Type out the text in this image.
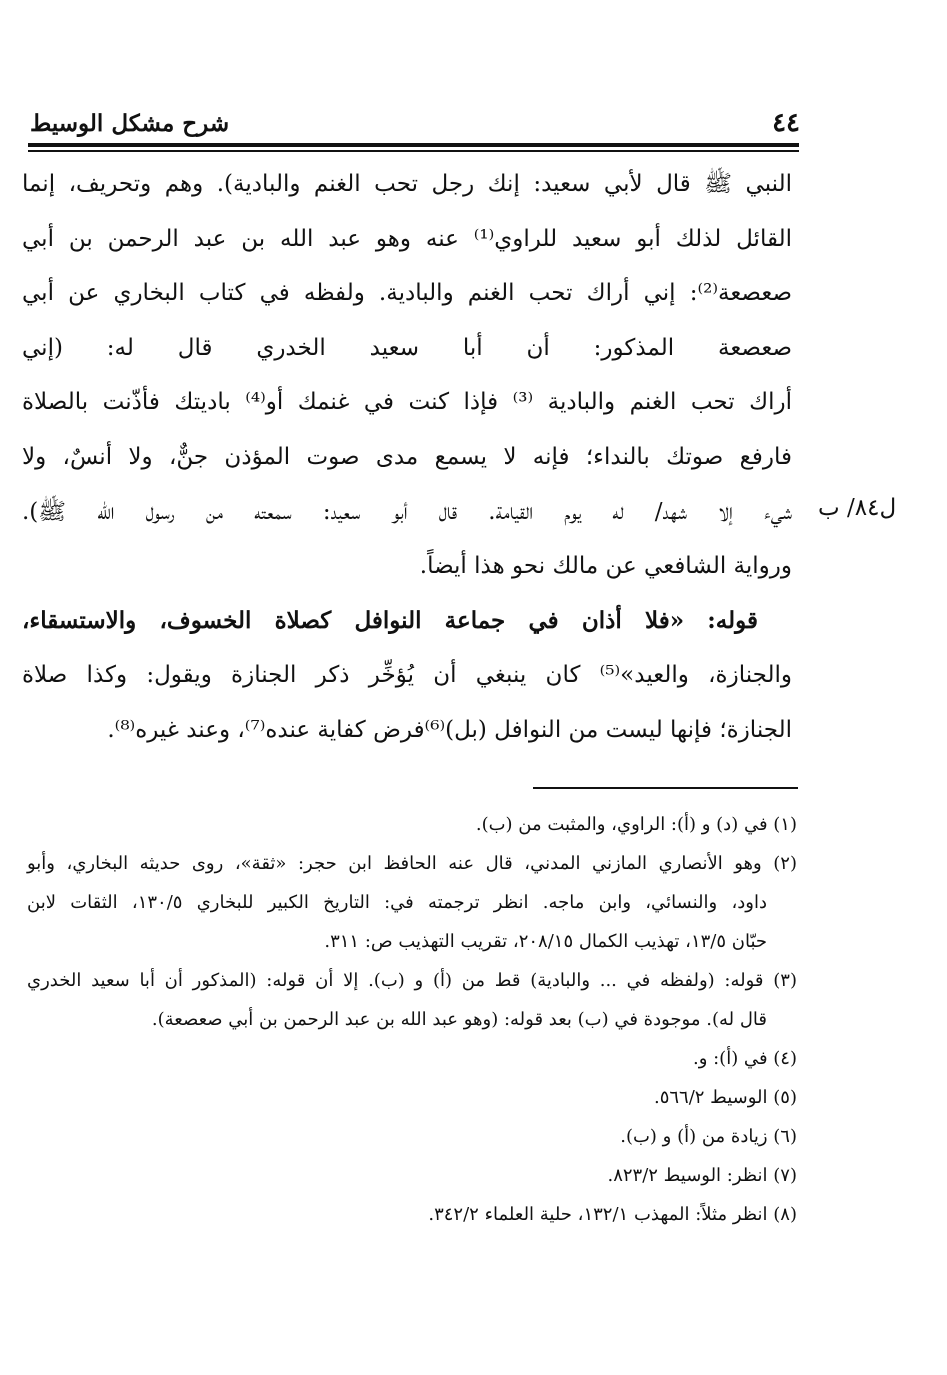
٤٤
شرح مشكل الوسيط
النبي ﷺ قال لأبي سعيد: إنك رجل تحب الغنم والبادية). وهم وتحريف، إنما
القائل لذلك أبو سعيد للراوي⁽¹⁾ عنه وهو عبد الله بن عبد الرحمن بن أبي
صعصعة⁽²⁾: إني أراك تحب الغنم والبادية. ولفظه في كتاب البخاري عن أبي
صعصعة المذكور: أن أبا سعيد الخدري قال له: (إني
أراك تحب الغنم والبادية ⁽³⁾ فإذا كنت في غنمك أو⁽⁴⁾ باديتك فأذّنت بالصلاة
فارفع صوتك بالنداء؛ فإنه لا يسمع مدى صوت المؤذن جنٌّ، ولا أنسٌ، ولا
شيء إلا شهد/ له يوم القيامة. قال أبو سعيد: سمعته من رسول الله ﷺ).
ورواية الشافعي عن مالك نحو هذا أيضاً.
قوله: «فلا أذان في جماعة النوافل كصلاة الخسوف، والاستسقاء،
والجنازة، والعيد»⁽⁵⁾ كان ينبغي أن يُؤخِّر ذكر الجنازة ويقول: وكذا صلاة
الجنازة؛ فإنها ليست من النوافل (بل)⁽⁶⁾فرض كفاية عنده⁽⁷⁾، وعند غيره⁽⁸⁾.
ل٨٤/ ب
(١) في (د) و (أ): الراوي، والمثبت من (ب).
(٢) وهو الأنصاري المازني المدني، قال عنه الحافظ ابن حجر: «ثقة»، روى حديثه البخاري، وأبو
داود، والنسائي، وابن ماجه. انظر ترجمته في: التاريخ الكبير للبخاري ١٣٠/٥، الثقات لابن
حبّان ١٣/٥، تهذيب الكمال ٢٠٨/١٥، تقريب التهذيب ص: ٣١١.
(٣) قوله: (ولفظه في ... والبادية) قط من (أ) و (ب). إلا أن قوله: (المذكور أن أبا سعيد الخدري
قال له). موجودة في (ب) بعد قوله: (وهو عبد الله بن عبد الرحمن بن أبي صعصعة).
(٤) في (أ): و.
(٥) الوسيط ٥٦٦/٢.
(٦) زيادة من (أ) و (ب).
(٧) انظر: الوسيط ٨٢٣/٢.
(٨) انظر مثلاً: المهذب ١٣٢/١، حلية العلماء ٣٤٢/٢.
